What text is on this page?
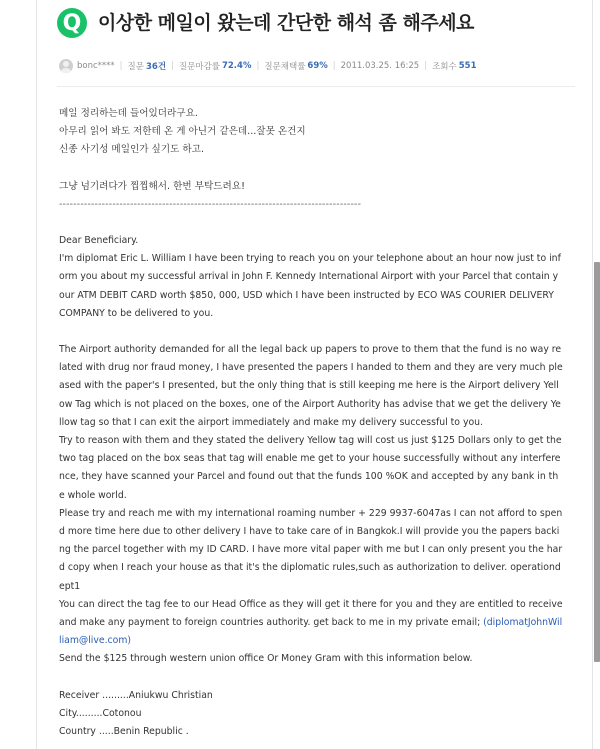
Q 이상한 메일이 왔는데 간단한 해석 좀 해주세요
bonc**** | 질문 36건 | 질문마감률 72.4% | 질문채택률 69% | 2011.03.25. 16:25 | 조회수 551

메일 정리하는데 들어있더라구요.

아무리 읽어 봐도 저한테 온 게 아닌거 같은데...잘못 온건지

신종 사기성 메일인가 싶기도 하고.

그냥 넘기려다가 찝찝해서. 한번 부탁드려요!

-------------------------------------------------------------------------------------

Dear Beneficiary.

I'm diplomat Eric L. William I have been trying to reach you on your telephone about an hour now just to inform you about my successful arrival in John F. Kennedy International Airport with your Parcel that contain your ATM DEBIT CARD worth $850, 000, USD which I have been instructed by ECO WAS COURIER DELIVERY COMPANY to be delivered to you.

The Airport authority demanded for all the legal back up papers to prove to them that the fund is no way related with drug nor fraud money, I have presented the papers I handed to them and they are very much pleased with the paper's I presented, but the only thing that is still keeping me here is the Airport delivery Yellow Tag which is not placed on the boxes, one of the Airport Authority has advise that we get the delivery Yellow tag so that I can exit the airport immediately and make my delivery successful to you.

Try to reason with them and they stated the delivery Yellow tag will cost us just $125 Dollars only to get the two tag placed on the box seas that tag will enable me get to your house successfully without any interference, they have scanned your Parcel and found out that the funds 100 %OK and accepted by any bank in the whole world.

Please try and reach me with my international roaming number + 229 9937-6047as I can not afford to spend more time here due to other delivery I have to take care of in Bangkok.I will provide you the papers backing the parcel together with my ID CARD. I have more vital paper with me but I can only present you the hard copy when I reach your house as that it's the diplomatic rules,such as authorization to deliver. operationdept1

You can direct the tag fee to our Head Office as they will get it there for you and they are entitled to receive and make any payment to foreign countries authority. get back to me in my private email; (diplomatJohnWilliam@live.com)

Send the $125 through western union office Or Money Gram with this information below.

Receiver .........Aniukwu Christian

City.........Cotonou

Country .....Benin Republic .
